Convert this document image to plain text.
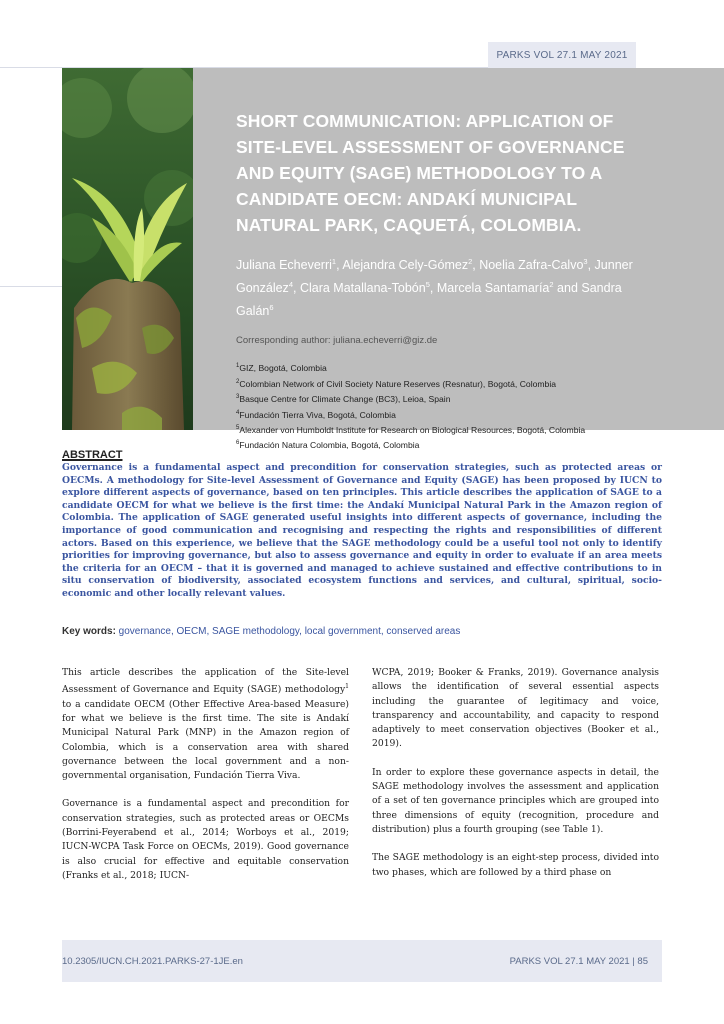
PARKS VOL 27.1 MAY 2021
SHORT COMMUNICATION: APPLICATION OF
SITE-LEVEL ASSESSMENT OF GOVERNANCE
AND EQUITY (SAGE) METHODOLOGY TO A
CANDIDATE OECM: ANDAKÍ MUNICIPAL
NATURAL PARK, CAQUETÁ, COLOMBIA.
Juliana Echeverri$^1$, Alejandra Cely-Gómez$^2$, Noelia Zafra-Calvo$^3$, Junner González$^4$, Clara Matallana-Tobón$^5$, Marcela Santamaría$^2$ and Sandra Galán$^6$
Corresponding author: juliana.echeverri@giz.de
$^1$GIZ, Bogotá, Colombia
$^2$Colombian Network of Civil Society Nature Reserves (Resnatur), Bogotá, Colombia
$^3$Basque Centre for Climate Change (BC3), Leioa, Spain
$^4$Fundación Tierra Viva, Bogotá, Colombia
$^5$Alexander von Humboldt Institute for Research on Biological Resources, Bogotá, Colombia
$^6$Fundación Natura Colombia, Bogotá, Colombia
ABSTRACT

Governance is a fundamental aspect and precondition for conservation strategies, such as protected areas or OECMs. A methodology for Site-level Assessment of Governance and Equity (SAGE) has been proposed by IUCN to explore different aspects of governance, based on ten principles. This article describes the application of SAGE to a candidate OECM for what we believe is the first time: the Andakí Municipal Natural Park in the Amazon region of Colombia. The application of SAGE generated useful insights into different aspects of governance, including the importance of good communication and recognising and respecting the rights and responsibilities of different actors. Based on this experience, we believe that the SAGE methodology could be a useful tool not only to identify priorities for improving governance, but also to assess governance and equity in order to evaluate if an area meets the criteria for an OECM – that it is governed and managed to achieve sustained and effective contributions to in situ conservation of biodiversity, associated ecosystem functions and services, and cultural, spiritual, socio-economic and other locally relevant values.

Key words: governance, OECM, SAGE methodology, local government, conserved areas

This article describes the application of the Site-level Assessment of Governance and Equity (SAGE) methodology$^1$ to a candidate OECM (Other Effective Area-based Measure) for what we believe is the first time. The site is Andakí Municipal Natural Park (MNP) in the Amazon region of Colombia, which is a conservation area with shared governance between the local government and a non-governmental organisation, Fundación Tierra Viva.

Governance is a fundamental aspect and precondition for conservation strategies, such as protected areas or OECMs (Borrini-Feyerabend et al., 2014; Worboys et al., 2019; IUCN-WCPA Task Force on OECMs, 2019). Good governance is also crucial for effective and equitable conservation (Franks et al., 2018; IUCN-

WCPA, 2019; Booker & Franks, 2019). Governance analysis allows the identification of several essential aspects including the guarantee of legitimacy and voice, transparency and accountability, and capacity to respond adaptively to meet conservation objectives (Booker et al., 2019).

In order to explore these governance aspects in detail, the SAGE methodology involves the assessment and application of a set of ten governance principles which are grouped into three dimensions of equity (recognition, procedure and distribution) plus a fourth grouping (see Table 1).

The SAGE methodology is an eight-step process, divided into two phases, which are followed by a third phase on

10.2305/IUCN.CH.2021.PARKS-27-1JE.en	PARKS VOL 27.1 MAY 2021 | 85
